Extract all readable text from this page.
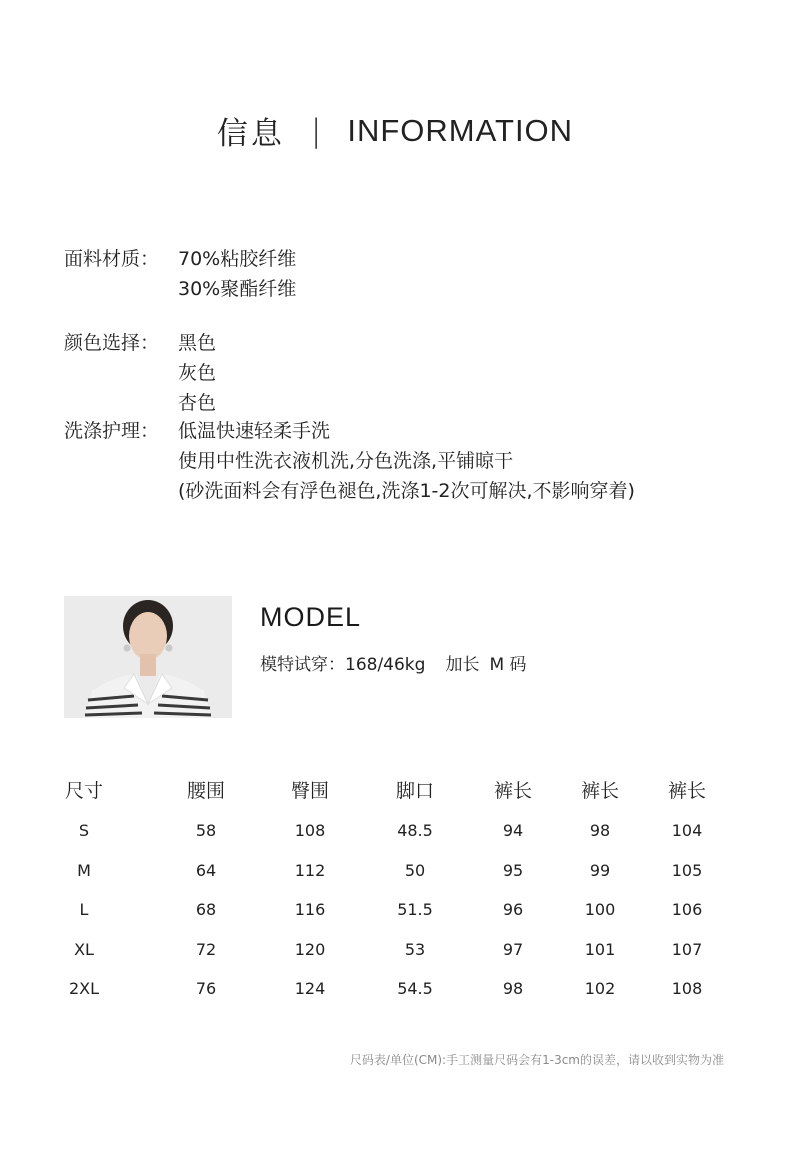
信息 | INFORMATION
面料材质： 70%粘胶纤维
30%聚酯纤维
颜色选择： 黑色
灰色
杏色
洗涤护理： 低温快速轻柔手洗
使用中性洗衣液机洗,分色洗涤,平铺晾干
(砂洗面料会有浮色褪色,洗涤1-2次可解决,不影响穿着)
MODEL
模特试穿：168/46kg 加长 M 码
尺寸	腰围	臀围	脚口	裤长	裤长	裤长
S	58	108	48.5	94	98	104
M	64	112	50	95	99	105
L	68	116	51.5	96	100	106
XL	72	120	53	97	101	107
2XL	76	124	54.5	98	102	108
尺码表/单位(CM):手工测量尺码会有1-3cm的误差，请以收到实物为准
